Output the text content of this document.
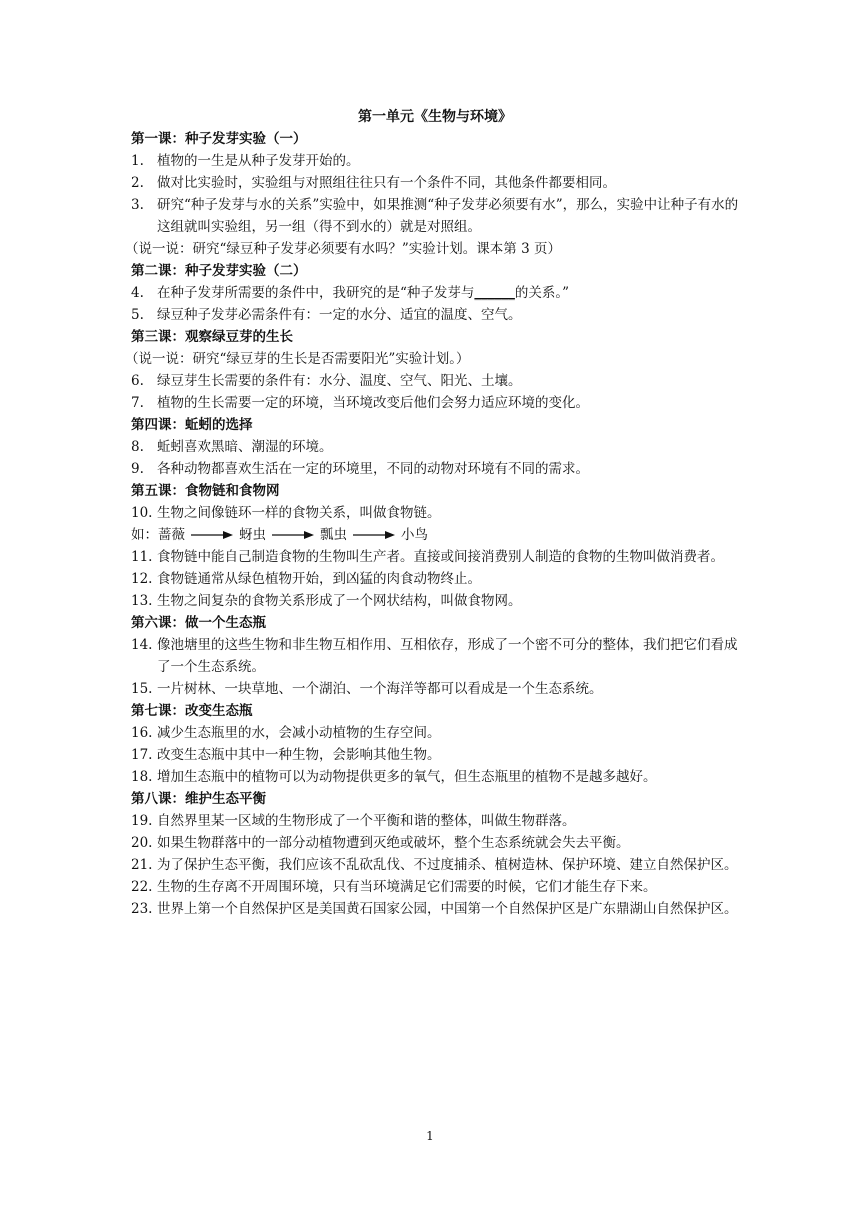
第一单元《生物与环境》
第一课：种子发芽实验（一）
1. 植物的一生是从种子发芽开始的。
2. 做对比实验时，实验组与对照组往往只有一个条件不同，其他条件都要相同。
3. 研究“种子发芽与水的关系”实验中，如果推测“种子发芽必须要有水”，那么，实验中让种子有水的这组就叫实验组，另一组（得不到水的）就是对照组。
（说一说：研究“绿豆种子发芽必须要有水吗？”实验计划。课本第 3 页）
第二课：种子发芽实验（二）
4. 在种子发芽所需要的条件中，我研究的是“种子发芽与______的关系。”
5. 绿豆种子发芽必需条件有：一定的水分、适宜的温度、空气。
第三课：观察绿豆芽的生长
（说一说：研究“绿豆芽的生长是否需要阳光”实验计划。）
6. 绿豆芽生长需要的条件有：水分、温度、空气、阳光、土壤。
7. 植物的生长需要一定的环境，当环境改变后他们会努力适应环境的变化。
第四课：蚯蚓的选择
8. 蚯蚓喜欢黑暗、潮湿的环境。
9. 各种动物都喜欢生活在一定的环境里，不同的动物对环境有不同的需求。
第五课：食物链和食物网
10. 生物之间像链环一样的食物关系，叫做食物链。
如： 蔷薇	蚜虫	瓢虫	小鸟
11. 食物链中能自己制造食物的生物叫生产者。直接或间接消费别人制造的食物的生物叫做消费者。
12. 食物链通常从绿色植物开始，到凶猛的肉食动物终止。
13. 生物之间复杂的食物关系形成了一个网状结构，叫做食物网。
第六课：做一个生态瓶
14. 像池塘里的这些生物和非生物互相作用、互相依存，形成了一个密不可分的整体，我们把它们看成了一个生态系统。
15. 一片树林、一块草地、一个湖泊、一个海洋等都可以看成是一个生态系统。
第七课：改变生态瓶
16. 减少生态瓶里的水，会减小动植物的生存空间。
17. 改变生态瓶中其中一种生物，会影响其他生物。
18. 增加生态瓶中的植物可以为动物提供更多的氧气，但生态瓶里的植物不是越多越好。
第八课：维护生态平衡
19. 自然界里某一区域的生物形成了一个平衡和谐的整体，叫做生物群落。
20. 如果生物群落中的一部分动植物遭到灭绝或破坏，整个生态系统就会失去平衡。
21. 为了保护生态平衡，我们应该不乱砍乱伐、不过度捕杀、植树造林、保护环境、建立自然保护区。
22. 生物的生存离不开周围环境，只有当环境满足它们需要的时候，它们才能生存下来。
23. 世界上第一个自然保护区是美国黄石国家公园，中国第一个自然保护区是广东鼎湖山自然保护区。
1
